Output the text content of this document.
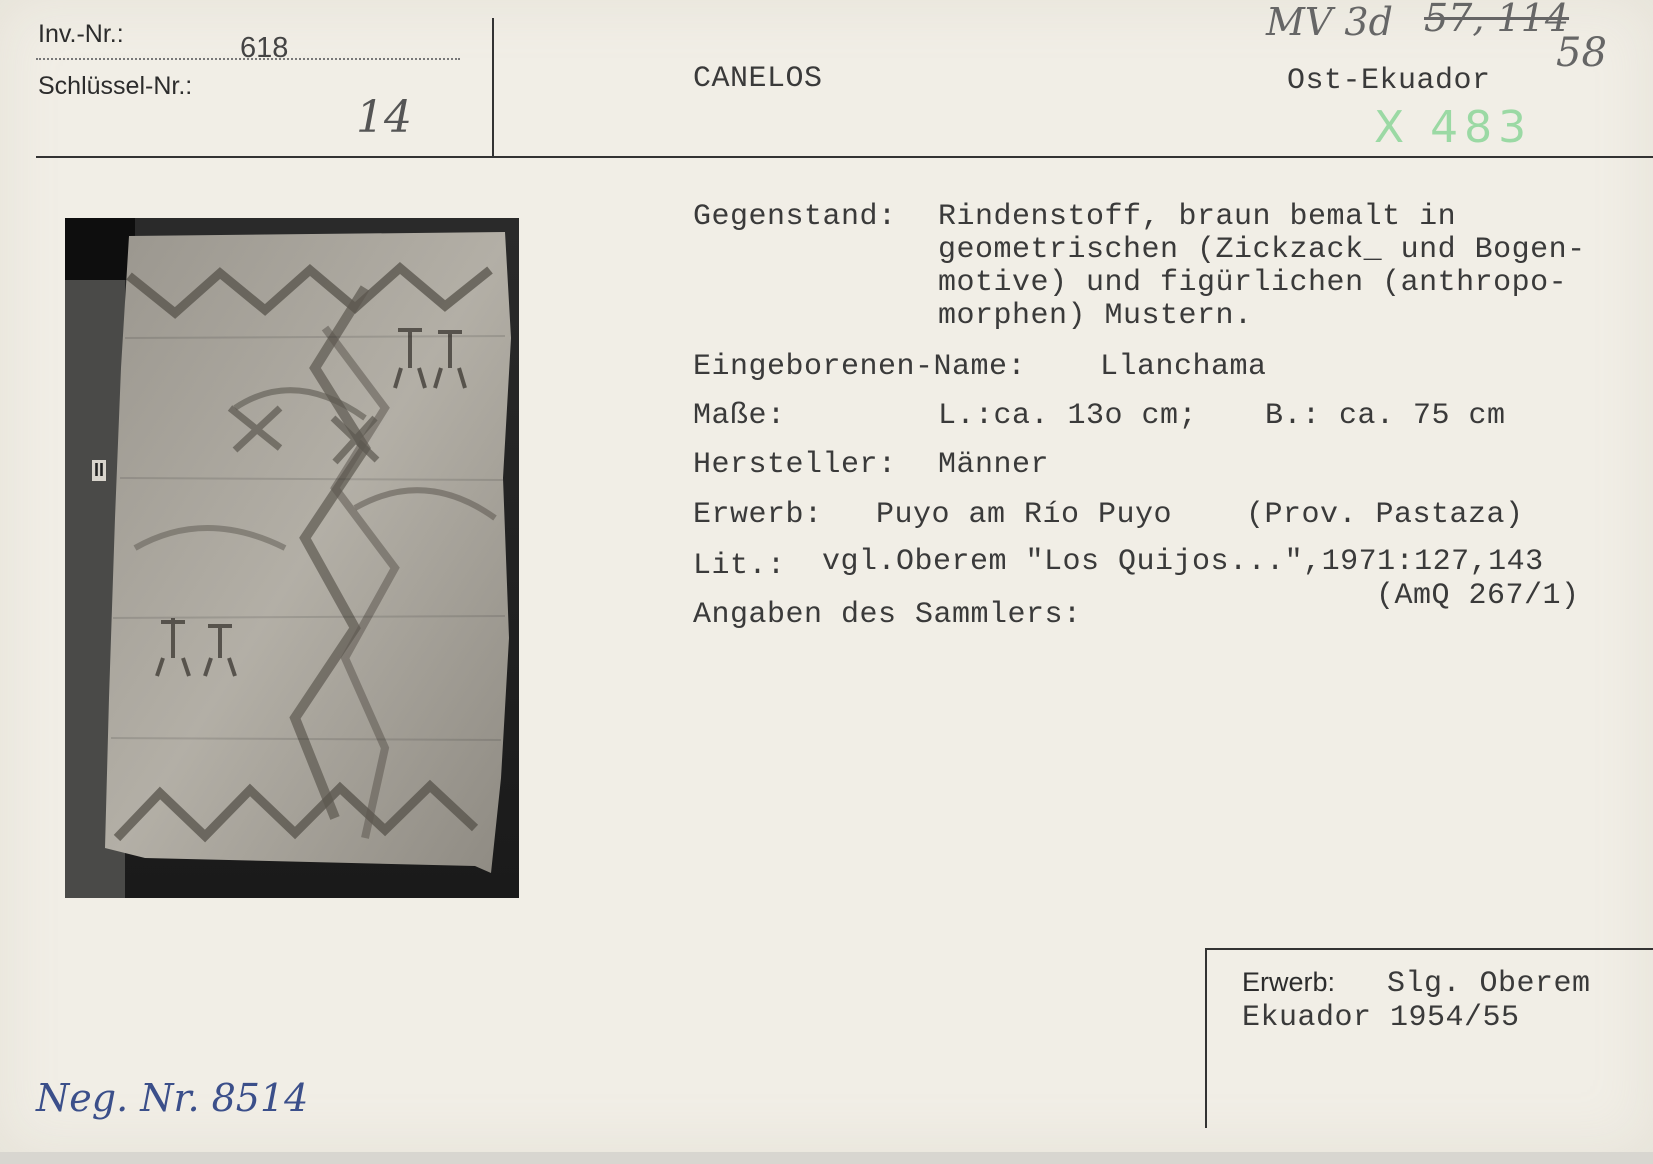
Inv.-Nr.:	618
Schlüssel-Nr.:
14
CANELOS	Ost-Ekuador
MV 3d 57, 114
58
X 483
II
Gegenstand: Rindenstoff, braun bemalt in
geometrischen (Zickzack_ und Bogen-
motive) und figürlichen (anthropo-
morphen) Mustern.
Eingeborenen-Name: Llanchama
Maße:	L.:ca. 13o cm; B.: ca. 75 cm
Hersteller: Männer
Erwerb: Puyo am Río Puyo (Prov. Pastaza)
Lit.: vgl.Oberem "Los Quijos...",1971:127,143
(AmQ 267/1)
Angaben des Sammlers:
Erwerb: Slg. Oberem
Ekuador 1954/55
Neg. Nr. 8514
